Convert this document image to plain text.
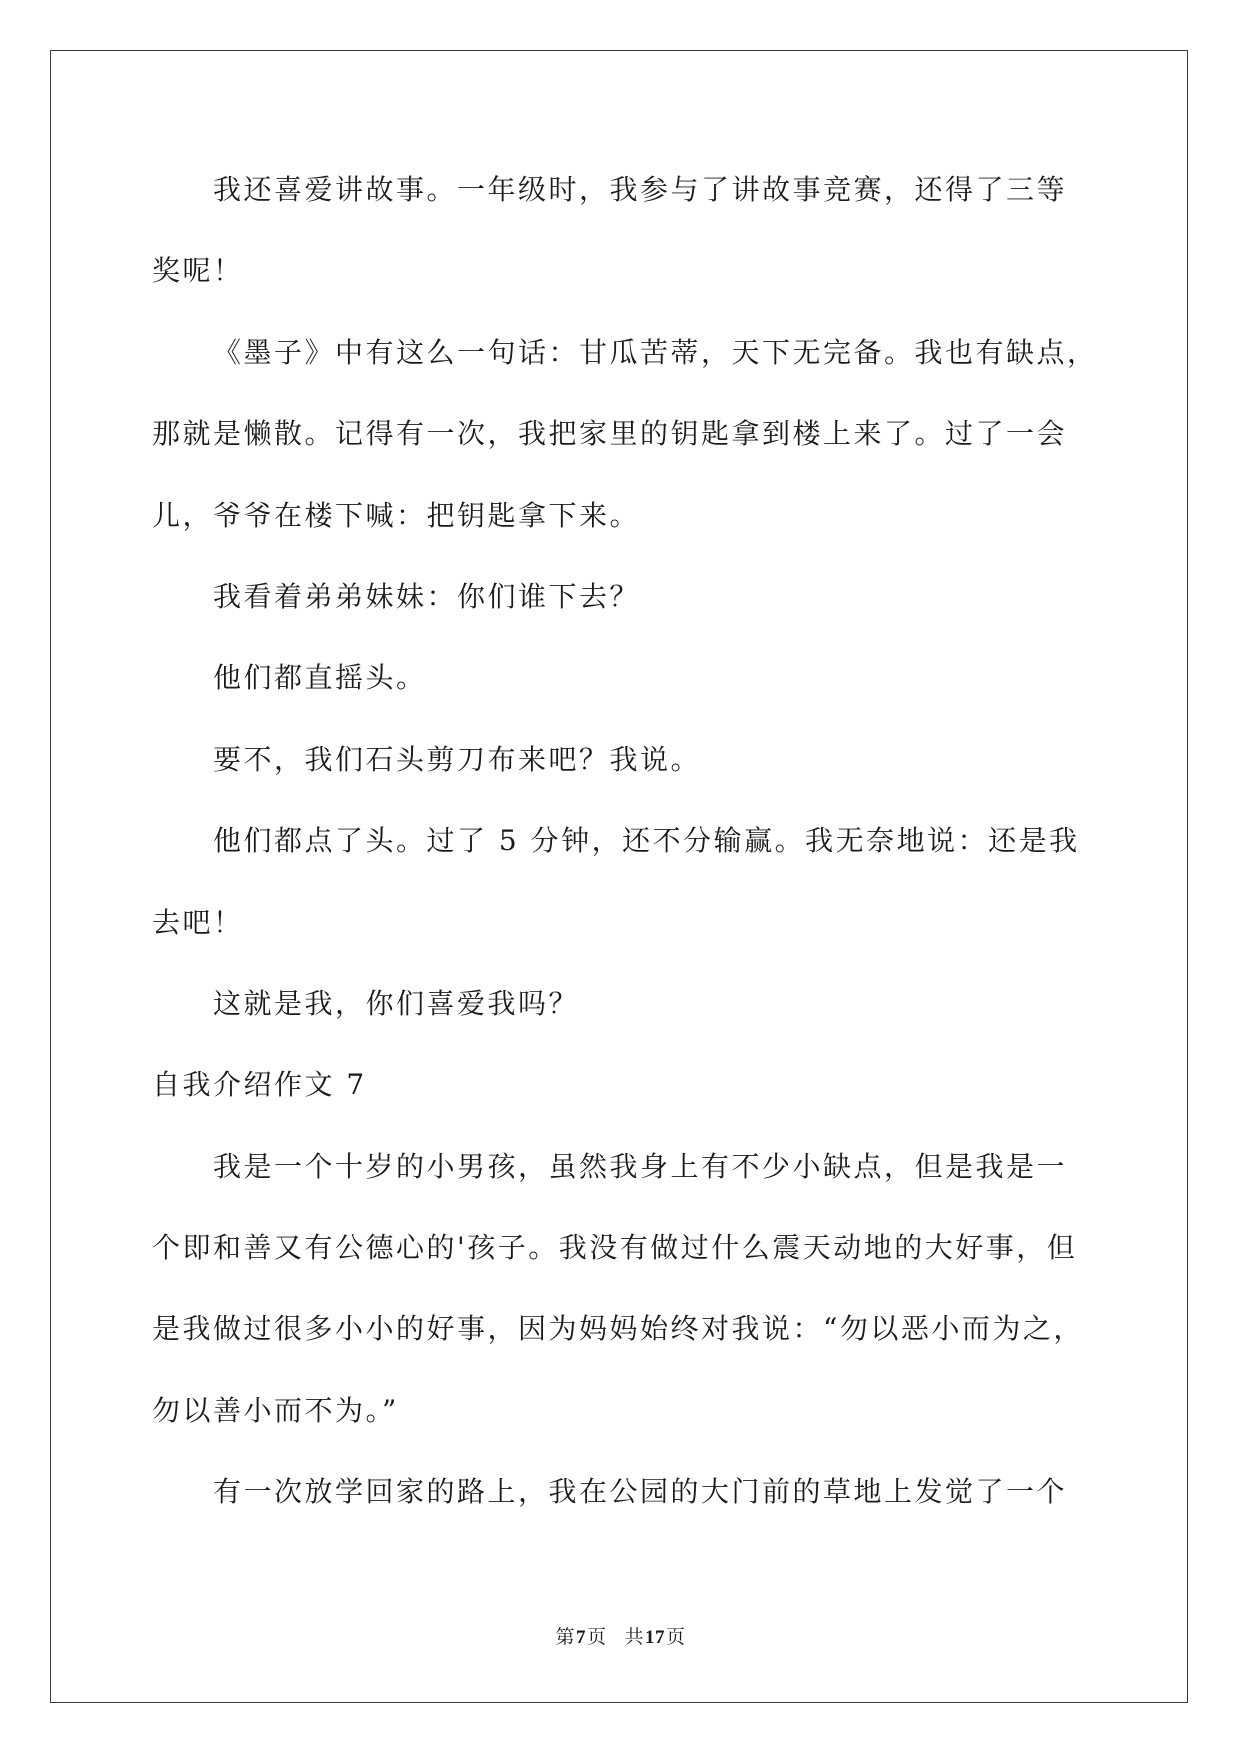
我还喜爱讲故事。一年级时，我参与了讲故事竞赛，还得了三等
奖呢！
《墨子》中有这么一句话：甘瓜苦蒂，天下无完备。我也有缺点，
那就是懒散。记得有一次，我把家里的钥匙拿到楼上来了。过了一会
儿，爷爷在楼下喊：把钥匙拿下来。
我看着弟弟妹妹：你们谁下去？
他们都直摇头。
要不，我们石头剪刀布来吧？我说。
他们都点了头。过了 5 分钟，还不分输赢。我无奈地说：还是我
去吧！
这就是我，你们喜爱我吗？
自我介绍作文 7
我是一个十岁的小男孩，虽然我身上有不少小缺点，但是我是一
个即和善又有公德心的'孩子。我没有做过什么震天动地的大好事，但
是我做过很多小小的好事，因为妈妈始终对我说：“勿以恶小而为之，
勿以善小而不为。”
有一次放学回家的路上，我在公园的大门前的草地上发觉了一个
第7页 共17页
